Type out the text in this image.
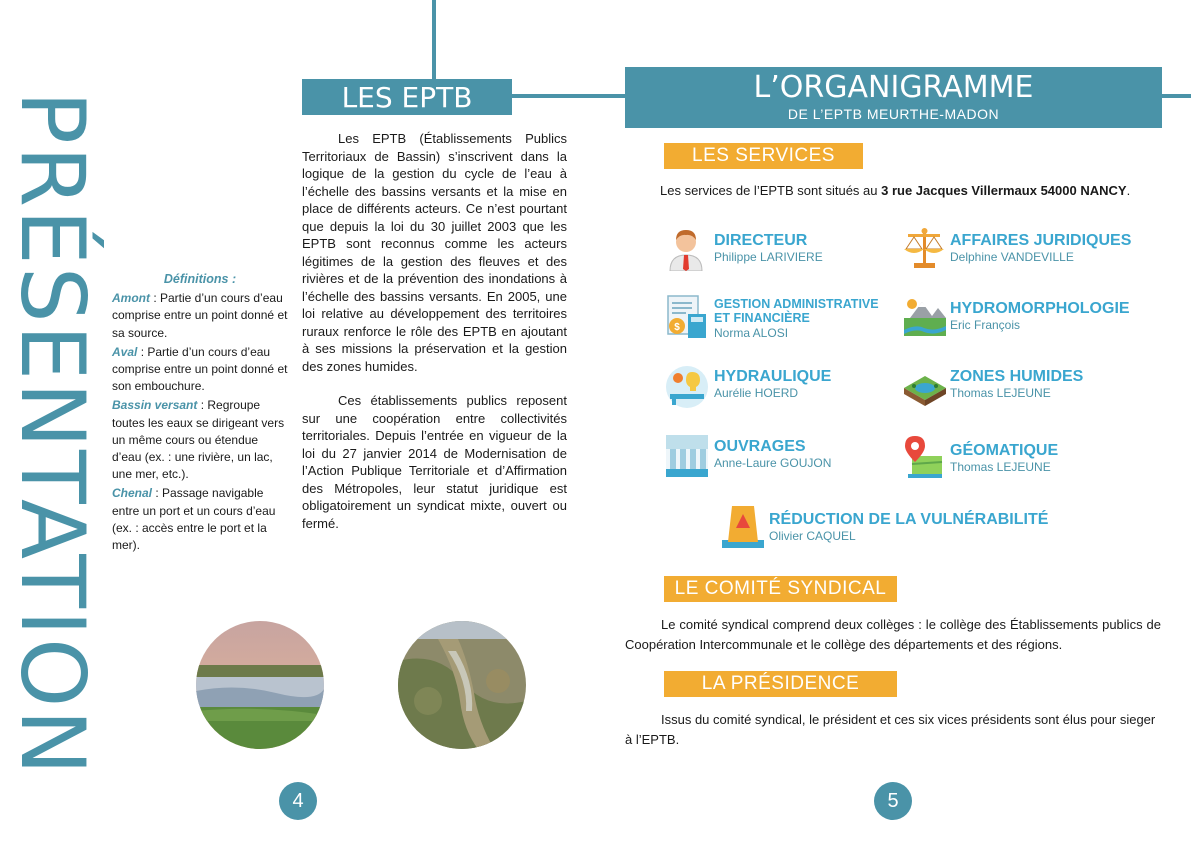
PRÉSENTATION	LES EPTB

Définitions :

Amont : Partie d’un cours d’eau comprise entre un point donné et sa source.

Aval : Partie d’un cours d’eau comprise entre un point donné et son embouchure.

Bassin versant : Regroupe toutes les eaux se dirigeant vers un même cours ou étendue d’eau (ex. : une rivière, un lac, une mer, etc.).

Chenal : Passage navigable entre un port et un cours d’eau (ex. : accès entre le port et la mer).

Les EPTB (Établissements Publics Territoriaux de Bassin) s’inscrivent dans la logique de la gestion du cycle de l’eau à l’échelle des bassins versants et la mise en place de différents acteurs. Ce n’est pourtant que depuis la loi du 30 juillet 2003 que les EPTB sont reconnus comme les acteurs légitimes de la gestion des fleuves et des rivières et de la prévention des inondations à l’échelle des bassins versants. En 2005, une loi relative au développement des territoires ruraux renforce le rôle des EPTB en ajoutant à ses missions la préservation et la gestion des zones humides.

Ces établissements publics reposent sur une coopération entre collectivités territoriales. Depuis l’entrée en vigueur de la loi du 27 janvier 2014 de Modernisation de l’Action Publique Territoriale et d’Affirmation des Métropoles, leur statut juridique est obligatoirement un syndicat mixte, ouvert ou fermé.

4
L’ORGANIGRAMME
DE L’EPTB MEURTHE-MADON
LES SERVICES
Les services de l’EPTB sont situés au 3 rue Jacques Villermaux 54000 NANCY.
DIRECTEUR
Philippe LARIVIERE
AFFAIRES JURIDIQUES
Delphine VANDEVILLE
$
GESTION ADMINISTRATIVE
ET FINANCIÈRE
Norma ALOSI
HYDROMORPHOLOGIE
Eric François
HYDRAULIQUE
Aurélie HOERD
ZONES HUMIDES
Thomas LEJEUNE
OUVRAGES
Anne-Laure GOUJON
GÉOMATIQUE
Thomas LEJEUNE
RÉDUCTION DE LA VULNÉRABILITÉ
Olivier CAQUEL
LE COMITÉ SYNDICAL
Le comité syndical comprend deux collèges : le collège des Établissements publics de Coopération Intercommunale et le collège des départements et des régions.
LA PRÉSIDENCE
Issus du comité syndical, le président et ces six vices présidents sont élus pour sieger à l’EPTB.
5
